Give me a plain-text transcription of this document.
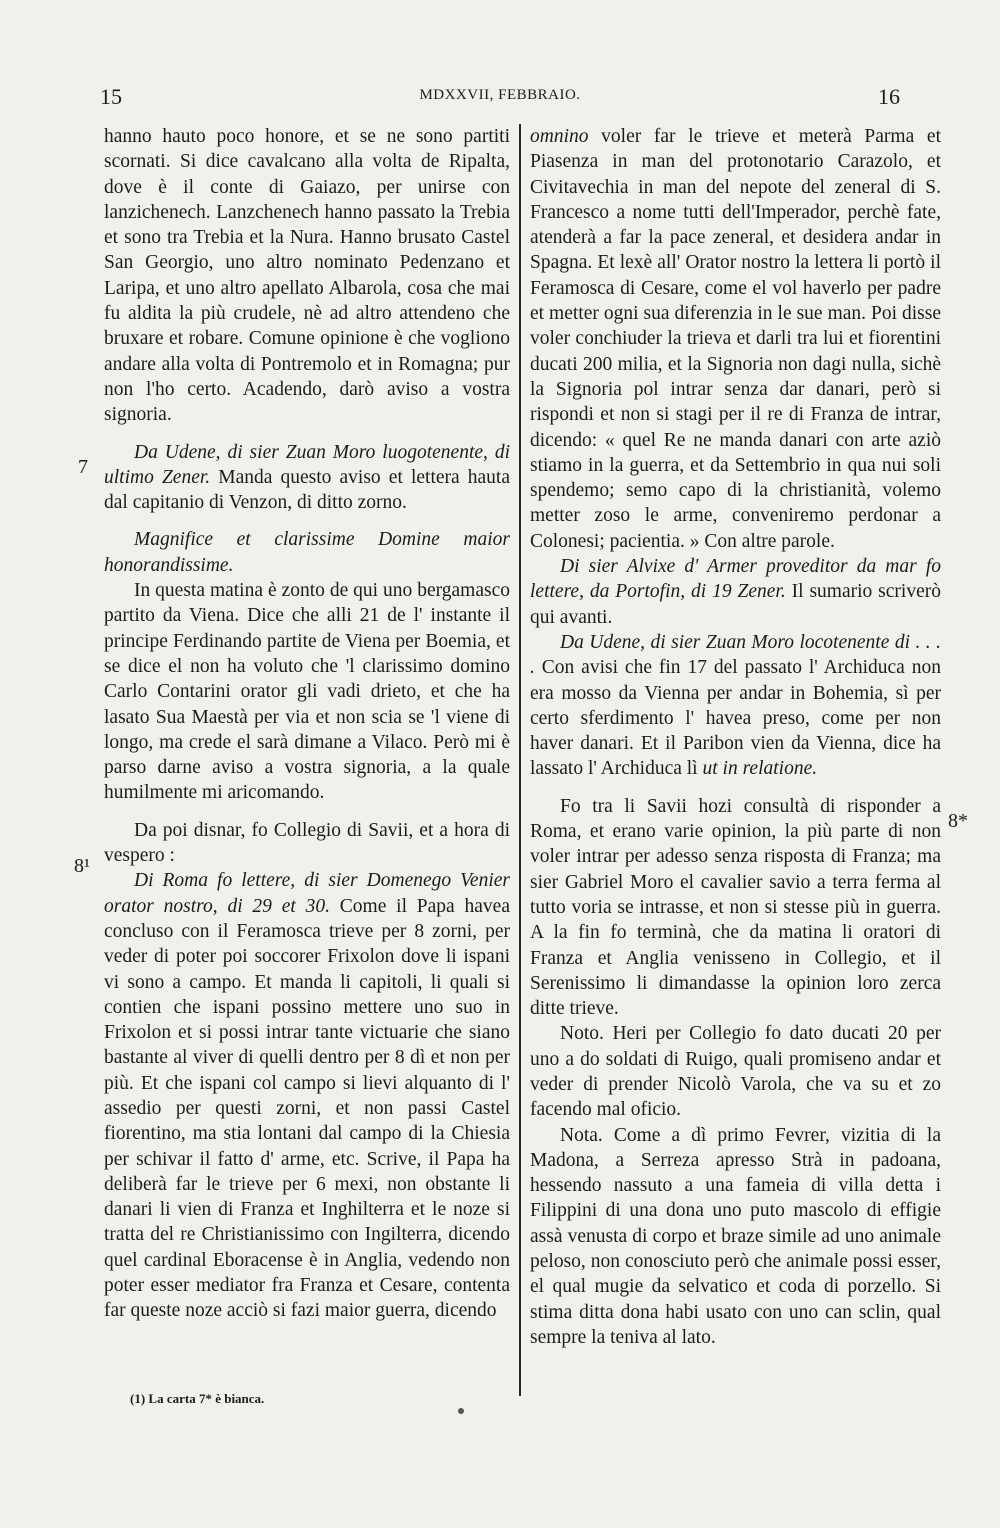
15	MDXXVII, FEBBRAIO.	16
7
8¹
8*

hanno hauto poco honore, et se ne sono partiti scornati. Si dice cavalcano alla volta de Ripalta, dove è il conte di Gaiazo, per unirse con lanzichenech. Lanzchenech hanno passato la Trebia et sono tra Trebia et la Nura. Hanno brusato Castel San Georgio, uno altro nominato Pedenzano et Laripa, et uno altro apellato Albarola, cosa che mai fu aldita la più crudele, nè ad altro attendeno che bruxare et robare. Comune opinione è che vogliono andare alla volta di Pontremolo et in Romagna; pur non l'ho certo. Acadendo, darò aviso a vostra signoria.

Da Udene, di sier Zuan Moro luogotenente, di ultimo Zener. Manda questo aviso et lettera hauta dal capitanio di Venzon, di ditto zorno.

Magnifice et clarissime Domine maior honorandissime.

In questa matina è zonto de qui uno bergamasco partito da Viena. Dice che alli 21 de l' instante il principe Ferdinando partite de Viena per Boemia, et se dice el non ha voluto che 'l clarissimo domino Carlo Contarini orator gli vadi drieto, et che ha lasato Sua Maestà per via et non scia se 'l viene di longo, ma crede el sarà dimane a Vilaco. Però mi è parso darne aviso a vostra signoria, a la quale humilmente mi aricomando.

Da poi disnar, fo Collegio di Savii, et a hora di vespero :

Di Roma fo lettere, di sier Domenego Venier orator nostro, di 29 et 30. Come il Papa havea concluso con il Feramosca trieve per 8 zorni, per veder di poter poi soccorer Frixolon dove li ispani vi sono a campo. Et manda li capitoli, li quali si contien che ispani possino mettere uno suo in Frixolon et si possi intrar tante victuarie che siano bastante al viver di quelli dentro per 8 dì et non per più. Et che ispani col campo si lievi alquanto di l' assedio per questi zorni, et non passi Castel fiorentino, ma stia lontani dal campo di la Chiesia per schivar il fatto d' arme, etc. Scrive, il Papa ha deliberà far le trieve per 6 mexi, non obstante li danari li vien di Franza et Inghilterra et le noze si tratta del re Christianissimo con Ingilterra, dicendo quel cardinal Eboracense è in Anglia, vedendo non poter esser mediator fra Franza et Cesare, contenta far queste noze acciò si fazi maior guerra, dicendo

omnino voler far le trieve et meterà Parma et Piasenza in man del protonotario Carazolo, et Civitavechia in man del nepote del zeneral di S. Francesco a nome tutti dell'Imperador, perchè fate, atenderà a far la pace zeneral, et desidera andar in Spagna. Et lexè all' Orator nostro la lettera li portò il Feramosca di Cesare, come el vol haverlo per padre et metter ogni sua diferenzia in le sue man. Poi disse voler conchiuder la trieva et darli tra lui et fiorentini ducati 200 milia, et la Signoria non dagi nulla, sichè la Signoria pol intrar senza dar danari, però si rispondi et non si stagi per il re di Franza de intrar, dicendo: « quel Re ne manda danari con arte aziò stiamo in la guerra, et da Settembrio in qua nui soli spendemo; semo capo di la christianità, volemo metter zoso le arme, conveniremo perdonar a Colonesi; pacientia. » Con altre parole.

Di sier Alvixe d' Armer proveditor da mar fo lettere, da Portofin, di 19 Zener. Il sumario scriverò qui avanti.

Da Udene, di sier Zuan Moro locotenente di . . . . Con avisi che fin 17 del passato l' Archiduca non era mosso da Vienna per andar in Bohemia, sì per certo sferdimento l' havea preso, come per non haver danari. Et il Paribon vien da Vienna, dice ha lassato l' Archiduca lì ut in relatione.

Fo tra li Savii hozi consultà di risponder a Roma, et erano varie opinion, la più parte di non voler intrar per adesso senza risposta di Franza; ma sier Gabriel Moro el cavalier savio a terra ferma al tutto voria se intrasse, et non si stesse più in guerra. A la fin fo terminà, che da matina li oratori di Franza et Anglia venisseno in Collegio, et il Serenissimo li dimandasse la opinion loro zerca ditte trieve.

Noto. Heri per Collegio fo dato ducati 20 per uno a do soldati di Ruigo, quali promiseno andar et veder di prender Nicolò Varola, che va su et zo facendo mal oficio.

Nota. Come a dì primo Fevrer, vizitia di la Madona, a Serreza apresso Strà in padoana, hessendo nassuto a una fameia di villa detta i Filippini di una dona uno puto mascolo di effigie assà venusta di corpo et braze simile ad uno animale peloso, non conosciuto però che animale possi esser, el qual mugie da selvatico et coda di porzello. Si stima ditta dona habi usato con uno can sclin, qual sempre la teniva al lato.

(1) La carta 7* è bianca.
